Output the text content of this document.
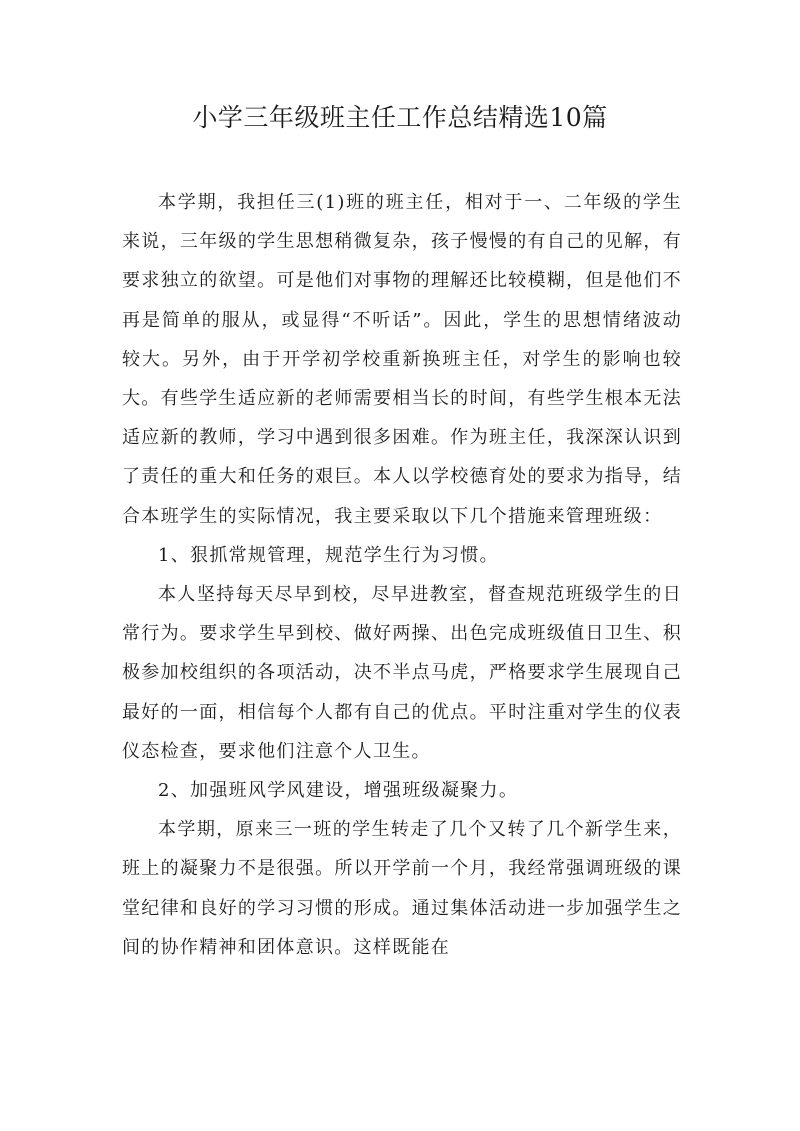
小学三年级班主任工作总结精选10篇

本学期，我担任三(1)班的班主任，相对于一、二年级的学生来说，三年级的学生思想稍微复杂，孩子慢慢的有自己的见解，有要求独立的欲望。可是他们对事物的理解还比较模糊，但是他们不再是简单的服从，或显得“不听话”。因此，学生的思想情绪波动较大。另外，由于开学初学校重新换班主任，对学生的影响也较大。有些学生适应新的老师需要相当长的时间，有些学生根本无法适应新的教师，学习中遇到很多困难。作为班主任，我深深认识到了责任的重大和任务的艰巨。本人以学校德育处的要求为指导，结合本班学生的实际情况，我主要采取以下几个措施来管理班级：

1、狠抓常规管理，规范学生行为习惯。

本人坚持每天尽早到校，尽早进教室，督查规范班级学生的日常行为。要求学生早到校、做好两操、出色完成班级值日卫生、积极参加校组织的各项活动，决不半点马虎，严格要求学生展现自己最好的一面，相信每个人都有自己的优点。平时注重对学生的仪表仪态检查，要求他们注意个人卫生。

2、加强班风学风建设，增强班级凝聚力。

本学期，原来三一班的学生转走了几个又转了几个新学生来，班上的凝聚力不是很强。所以开学前一个月，我经常强调班级的课堂纪律和良好的学习习惯的形成。通过集体活动进一步加强学生之间的协作精神和团体意识。这样既能在
